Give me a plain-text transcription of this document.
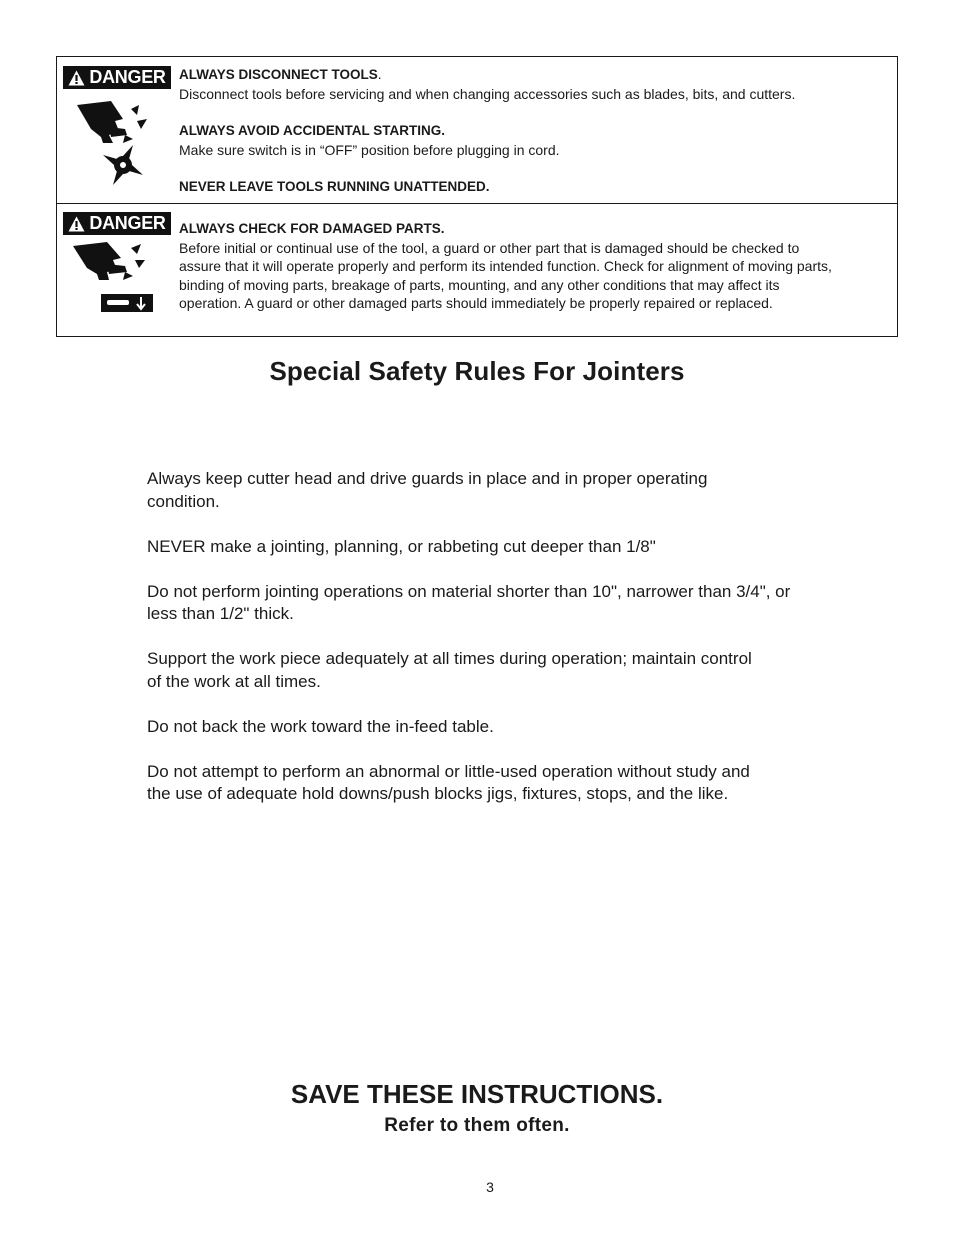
DANGER ALWAYS DISCONNECT TOOLS.
Disconnect tools before servicing and when changing accessories such as blades, bits, and cutters.
ALWAYS AVOID ACCIDENTAL STARTING.
Make sure switch is in “OFF” position before plugging in cord.
NEVER LEAVE TOOLS RUNNING UNATTENDED.
DANGER ALWAYS CHECK FOR DAMAGED PARTS.
Before initial or continual use of the tool, a guard or other part that is damaged should be checked to
assure that it will operate properly and perform its intended function. Check for alignment of moving parts,
binding of moving parts, breakage of parts, mounting, and any other conditions that may affect its
operation. A guard or other damaged parts should immediately be properly repaired or replaced.
Special Safety Rules For Jointers

Always keep cutter head and drive guards in place and in proper operating
condition.

NEVER make a jointing, planning, or rabbeting cut deeper than 1/8"

Do not perform jointing operations on material shorter than 10", narrower than 3/4", or
less than 1/2" thick.

Support the work piece adequately at all times during operation; maintain control
of the work at all times.

Do not back the work toward the in-feed table.

Do not attempt to perform an abnormal or little-used operation without study and
the use of adequate hold downs/push blocks jigs, fixtures, stops, and the like.

SAVE THESE INSTRUCTIONS.
Refer to them often.
3
